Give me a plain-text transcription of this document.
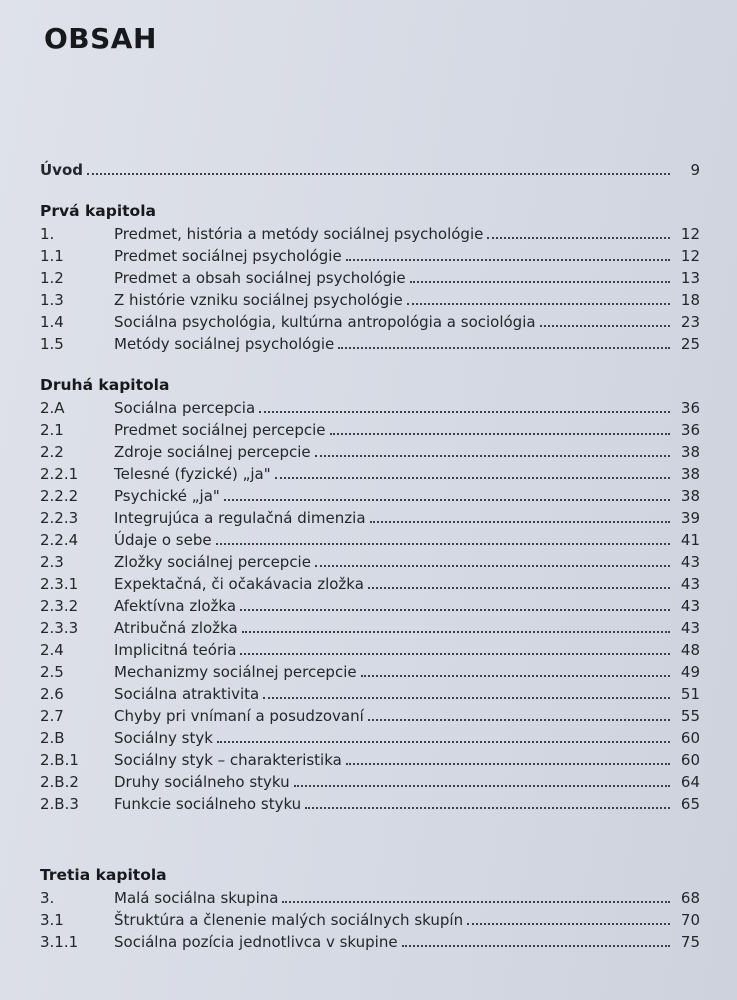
OBSAH
Úvod	9
Prvá kapitola
1.	Predmet, história a metódy sociálnej psychológie	12
1.1	Predmet sociálnej psychológie	12
1.2	Predmet a obsah sociálnej psychológie	13
1.3	Z histórie vzniku sociálnej psychológie	18
1.4	Sociálna psychológia, kultúrna antropológia a sociológia	23
1.5	Metódy sociálnej psychológie	25
Druhá kapitola
2.A	Sociálna percepcia	36
2.1	Predmet sociálnej percepcie	36
2.2	Zdroje sociálnej percepcie	38
2.2.1	Telesné (fyzické) „ja"	38
2.2.2	Psychické „ja"	38
2.2.3	Integrujúca a regulačná dimenzia	39
2.2.4	Údaje o sebe	41
2.3	Zložky sociálnej percepcie	43
2.3.1	Expektačná, či očakávacia zložka	43
2.3.2	Afektívna zložka	43
2.3.3	Atribučná zložka	43
2.4	Implicitná teória	48
2.5	Mechanizmy sociálnej percepcie	49
2.6	Sociálna atraktivita	51
2.7	Chyby pri vnímaní a posudzovaní	55
2.B	Sociálny styk	60
2.B.1	Sociálny styk – charakteristika	60
2.B.2	Druhy sociálneho styku	64
2.B.3	Funkcie sociálneho styku	65
Tretia kapitola
3.	Malá sociálna skupina	68
3.1	Štruktúra a členenie malých sociálnych skupín	70
3.1.1	Sociálna pozícia jednotlivca v skupine	75
